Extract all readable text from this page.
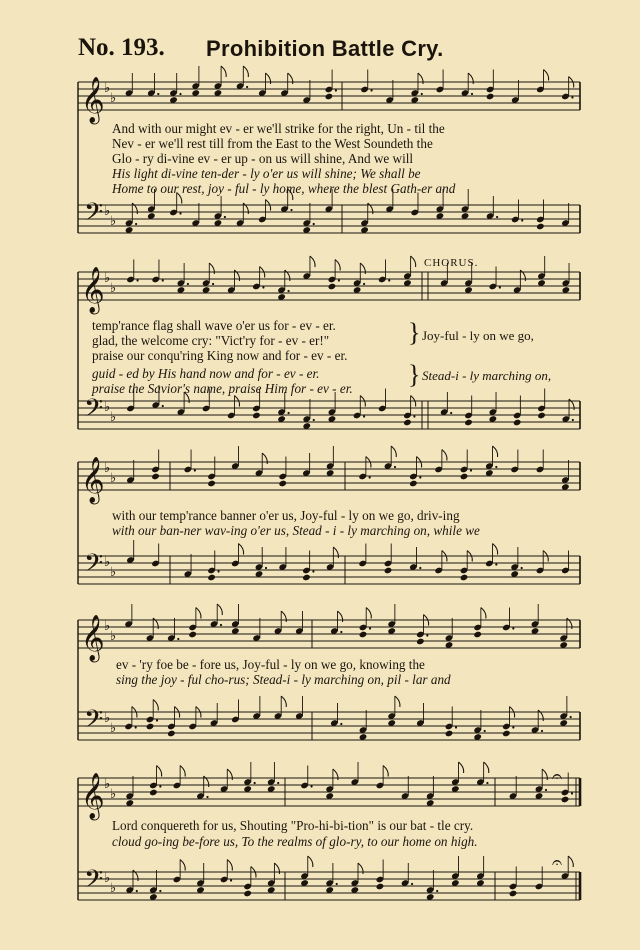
No. 193. Prohibition Battle Cry.
𝄞
𝄢
♭
♭
♭
♭
𝄞
𝄢
♭
♭
♭
♭
𝄞
𝄢
♭
♭
♭
♭
𝄞
𝄢
♭
♭
♭
♭
𝄞
𝄢
♭
♭
♭
♭
𝄐
𝄐
And with our might ev - er we'll strike for the right, Un - til the
Nev - er we'll rest till from the East to the West Soundeth the
Glo - ry di-vine ev - er up - on us will shine, And we will
His light di-vine ten-der - ly o'er us will shine; We shall be
Home to our rest, joy - ful - ly home, where the blest Gath-er and
CHORUS.
temp'rance flag shall wave o'er us for - ev - er.
glad, the welcome cry: "Vict'ry for - ev - er!"
praise our conqu'ring King now and for - ev - er.
guid - ed by His hand now and for - ev - er.
praise the Savior's name, praise Him for - ev - er.
}
}
Joy-ful - ly on we go,
Stead-i - ly marching on,
with our temp'rance banner o'er us, Joy-ful - ly on we go, driv-ing
with our ban-ner wav-ing o'er us, Stead - i - ly marching on, while we
ev - 'ry foe be - fore us, Joy-ful - ly on we go, knowing the
sing the joy - ful cho-rus; Stead-i - ly marching on, pil - lar and
Lord conquereth for us, Shouting "Pro-hi-bi-tion" is our bat - tle cry.
cloud go-ing be-fore us, To the realms of glo-ry, to our home on high.
